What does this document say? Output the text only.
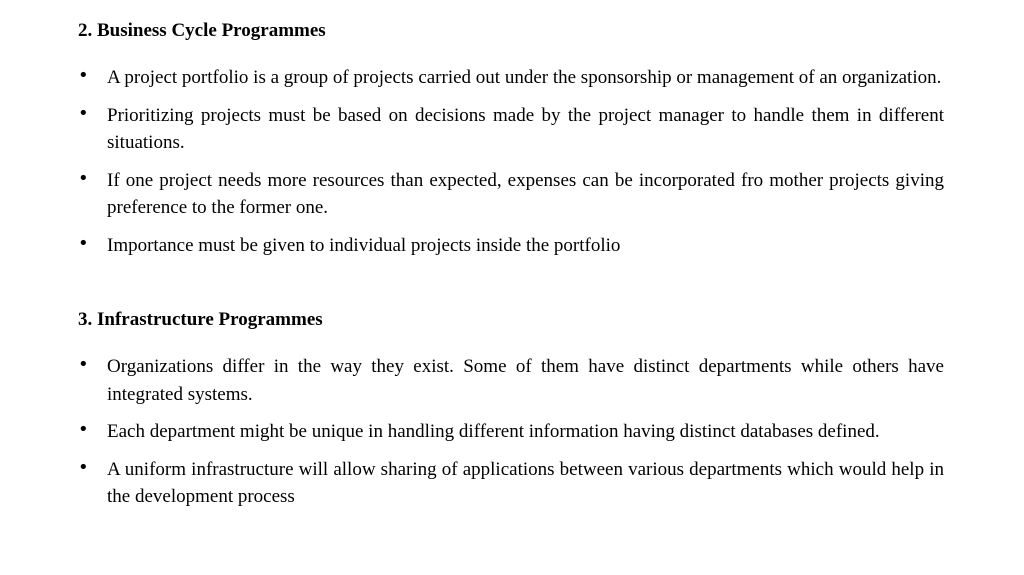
2. Business Cycle Programmes
• A project portfolio is a group of projects carried out under the sponsorship or management of an organization.
• Prioritizing projects must be based on decisions made by the project manager to handle them in different situations.
• If one project needs more resources than expected, expenses can be incorporated fro mother projects giving preference to the former one.
• Importance must be given to individual projects inside the portfolio
3. Infrastructure Programmes
• Organizations differ in the way they exist. Some of them have distinct departments while others have integrated systems.
• Each department might be unique in handling different information having distinct databases defined.
• A uniform infrastructure will allow sharing of applications between various departments which would help in the development process
